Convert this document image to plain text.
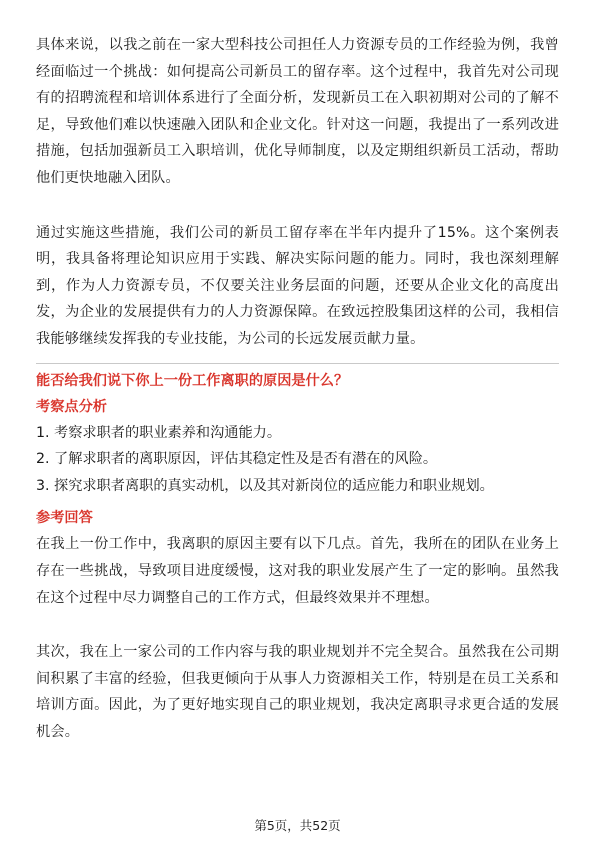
具体来说，以我之前在一家大型科技公司担任人力资源专员的工作经验为例，我曾经面临过一个挑战：如何提高公司新员工的留存率。这个过程中，我首先对公司现有的招聘流程和培训体系进行了全面分析，发现新员工在入职初期对公司的了解不足，导致他们难以快速融入团队和企业文化。针对这一问题，我提出了一系列改进措施，包括加强新员工入职培训，优化导师制度，以及定期组织新员工活动，帮助他们更快地融入团队。

通过实施这些措施，我们公司的新员工留存率在半年内提升了15%。这个案例表明，我具备将理论知识应用于实践、解决实际问题的能力。同时，我也深刻理解到，作为人力资源专员，不仅要关注业务层面的问题，还要从企业文化的高度出发，为企业的发展提供有力的人力资源保障。在致远控股集团这样的公司，我相信我能够继续发挥我的专业技能，为公司的长远发展贡献力量。

能否给我们说下你上一份工作离职的原因是什么？
考察点分析

1. 考察求职者的职业素养和沟通能力。

2. 了解求职者的离职原因，评估其稳定性及是否有潜在的风险。

3. 探究求职者离职的真实动机，以及其对新岗位的适应能力和职业规划。

参考回答

在我上一份工作中，我离职的原因主要有以下几点。首先，我所在的团队在业务上存在一些挑战，导致项目进度缓慢，这对我的职业发展产生了一定的影响。虽然我在这个过程中尽力调整自己的工作方式，但最终效果并不理想。

其次，我在上一家公司的工作内容与我的职业规划并不完全契合。虽然我在公司期间积累了丰富的经验，但我更倾向于从事人力资源相关工作，特别是在员工关系和培训方面。因此，为了更好地实现自己的职业规划，我决定离职寻求更合适的发展机会。

第5页，共52页
